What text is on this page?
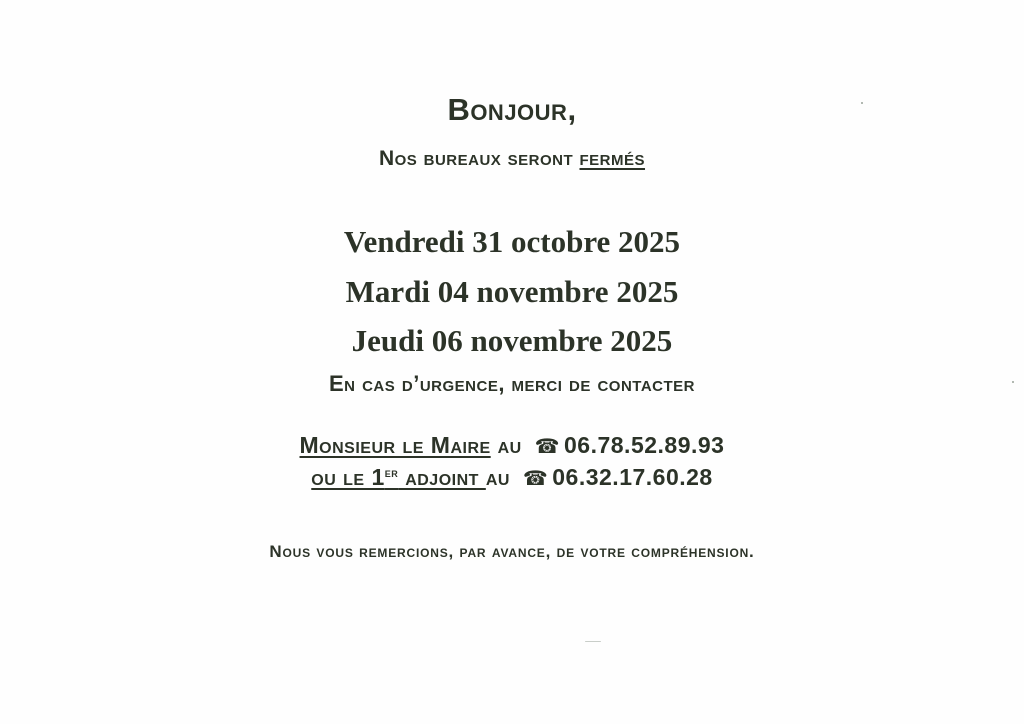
Bonjour,
Nos bureaux seront fermés
Vendredi 31 octobre 2025
Mardi 04 novembre 2025
Jeudi 06 novembre 2025
En cas d’urgence, merci de contacter
Monsieur le Maire au ☎ 06.78.52.89.93
ou le 1er adjoint au ☎ 06.32.17.60.28
Nous vous remercions, par avance, de votre compréhension.
